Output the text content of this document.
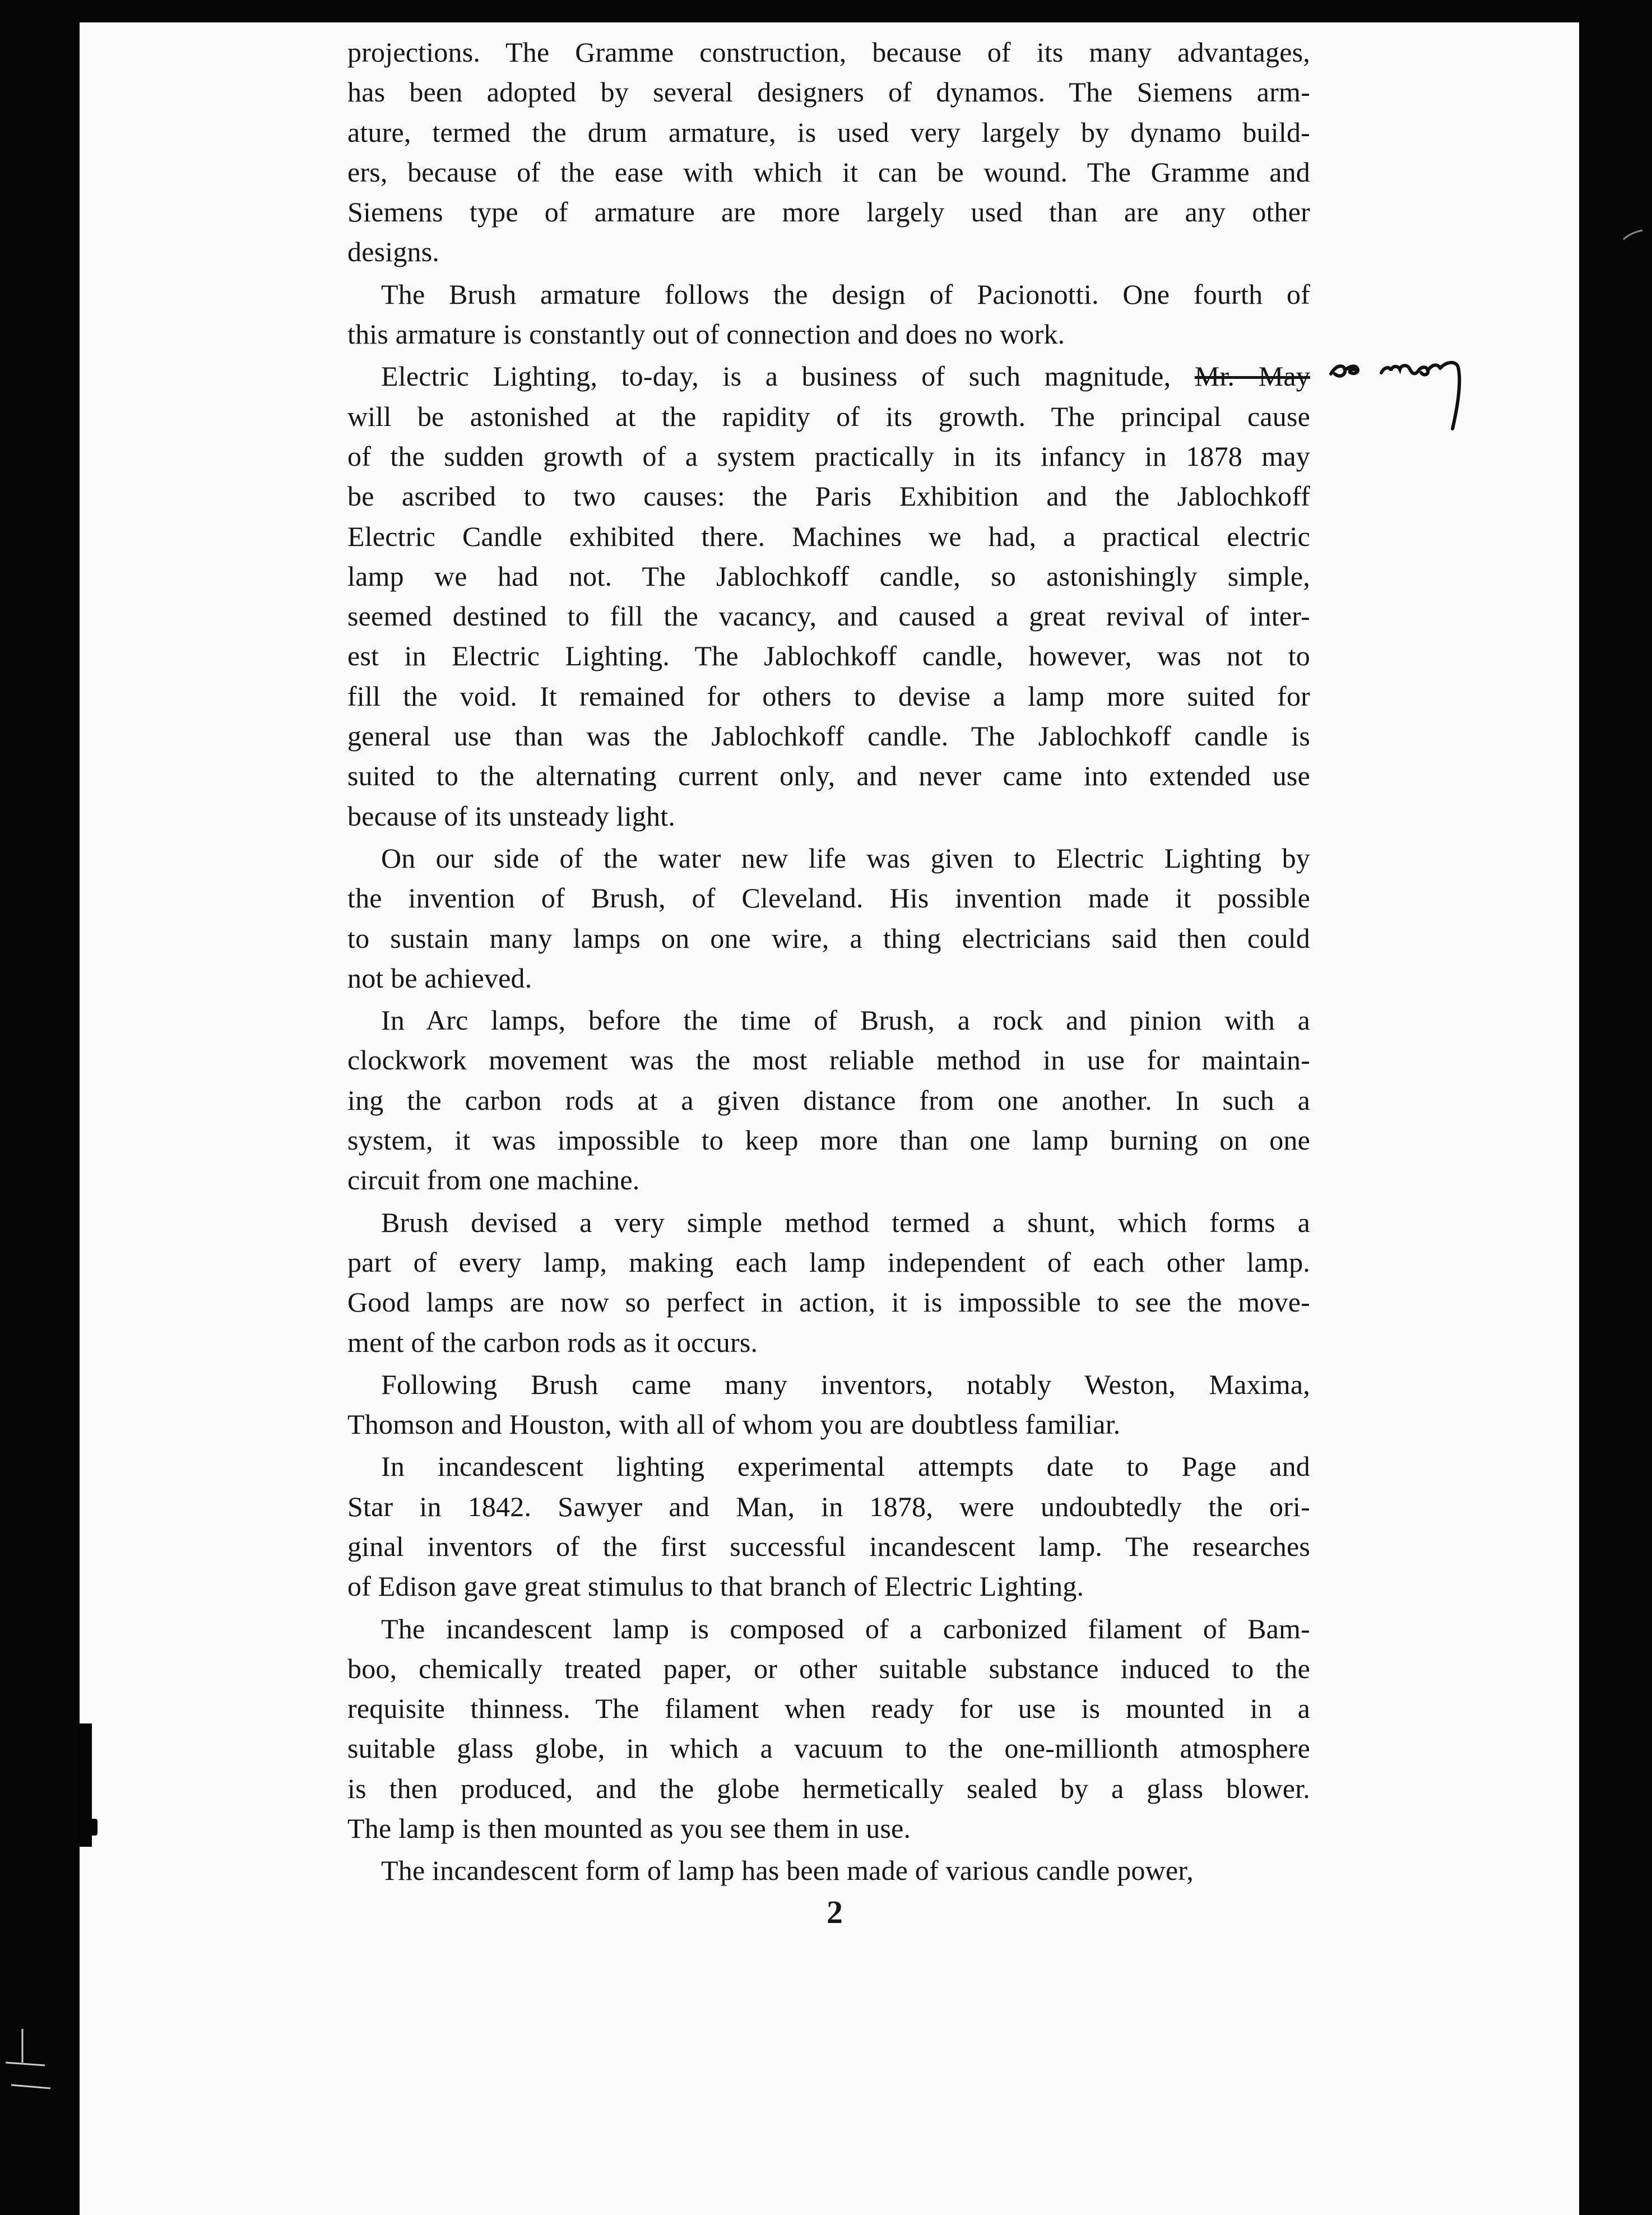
projections. The Gramme construction, because of its many advantages,
has been adopted by several designers of dynamos. The Siemens arm-
ature, termed the drum armature, is used very largely by dynamo build-
ers, because of the ease with which it can be wound. The Gramme and
Siemens type of armature are more largely used than are any other
designs.
The Brush armature follows the design of Pacionotti. One fourth of
this armature is constantly out of connection and does no work.
Electric Lighting, to-day, is a business of such magnitude, Mr. May
will be astonished at the rapidity of its growth. The principal cause
of the sudden growth of a system practically in its infancy in 1878 may
be ascribed to two causes: the Paris Exhibition and the Jablochkoff
Electric Candle exhibited there. Machines we had, a practical electric
lamp we had not. The Jablochkoff candle, so astonishingly simple,
seemed destined to fill the vacancy, and caused a great revival of inter-
est in Electric Lighting. The Jablochkoff candle, however, was not to
fill the void. It remained for others to devise a lamp more suited for
general use than was the Jablochkoff candle. The Jablochkoff candle is
suited to the alternating current only, and never came into extended use
because of its unsteady light.
On our side of the water new life was given to Electric Lighting by
the invention of Brush, of Cleveland. His invention made it possible
to sustain many lamps on one wire, a thing electricians said then could
not be achieved.
In Arc lamps, before the time of Brush, a rock and pinion with a
clockwork movement was the most reliable method in use for maintain-
ing the carbon rods at a given distance from one another. In such a
system, it was impossible to keep more than one lamp burning on one
circuit from one machine.
Brush devised a very simple method termed a shunt, which forms a
part of every lamp, making each lamp independent of each other lamp.
Good lamps are now so perfect in action, it is impossible to see the move-
ment of the carbon rods as it occurs.
Following Brush came many inventors, notably Weston, Maxima,
Thomson and Houston, with all of whom you are doubtless familiar.
In incandescent lighting experimental attempts date to Page and
Star in 1842. Sawyer and Man, in 1878, were undoubtedly the ori-
ginal inventors of the first successful incandescent lamp. The researches
of Edison gave great stimulus to that branch of Electric Lighting.
The incandescent lamp is composed of a carbonized filament of Bam-
boo, chemically treated paper, or other suitable substance induced to the
requisite thinness. The filament when ready for use is mounted in a
suitable glass globe, in which a vacuum to the one-millionth atmosphere
is then produced, and the globe hermetically sealed by a glass blower.
The lamp is then mounted as you see them in use.
The incandescent form of lamp has been made of various candle power,
we may
2
